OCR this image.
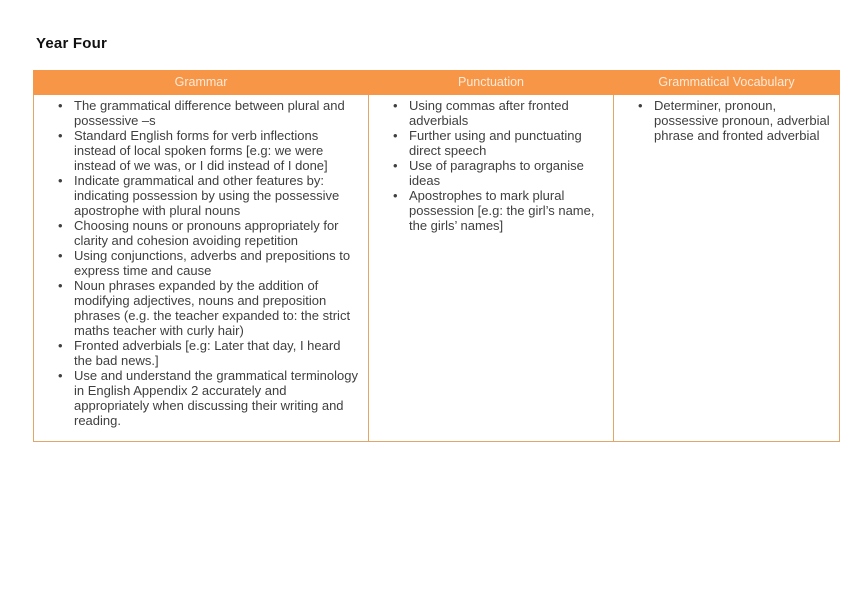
Year Four
Grammar	Punctuation	Grammatical Vocabulary

• The grammatical difference between plural and possessive –s
• Standard English forms for verb inflections instead of local spoken forms [e.g: we were instead of we was, or I did instead of I done]
• Indicate grammatical and other features by: indicating possession by using the possessive apostrophe with plural nouns
• Choosing nouns or pronouns appropriately for clarity and cohesion avoiding repetition
• Using conjunctions, adverbs and prepositions to express time and cause
• Noun phrases expanded by the addition of modifying adjectives, nouns and preposition phrases (e.g. the teacher expanded to: the strict maths teacher with curly hair)
• Fronted adverbials [e.g: Later that day, I heard the bad news.]
• Use and understand the grammatical terminology in English Appendix 2 accurately and appropriately when discussing their writing and reading.

• Using commas after fronted adverbials
• Further using and punctuating direct speech
• Use of paragraphs to organise ideas
• Apostrophes to mark plural possession [e.g: the girl’s name, the girls’ names]

• Determiner, pronoun, possessive pronoun, adverbial phrase and fronted adverbial
